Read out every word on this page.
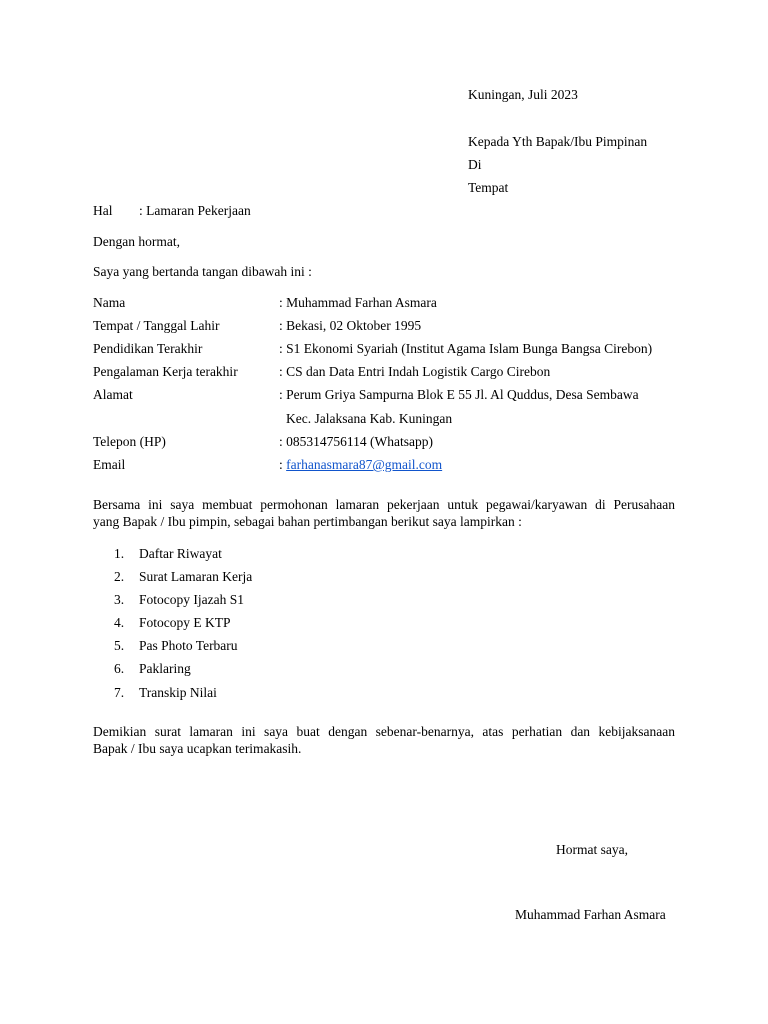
Kuningan, Juli 2023
Kepada Yth Bapak/Ibu Pimpinan
Di
Tempat
Hal : Lamaran Pekerjaan
Dengan hormat,
Saya yang bertanda tangan dibawah ini :
Nama	: Muhammad Farhan Asmara
Tempat / Tanggal Lahir	: Bekasi, 02 Oktober 1995
Pendidikan Terakhir	: S1 Ekonomi Syariah (Institut Agama Islam Bunga Bangsa Cirebon)
Pengalaman Kerja terakhir	: CS dan Data Entri Indah Logistik Cargo Cirebon
Alamat	: Perum Griya Sampurna Blok E 55 Jl. Al Quddus, Desa Sembawa
Kec. Jalaksana Kab. Kuningan
Telepon (HP)	: 085314756114 (Whatsapp)
Email	: farhanasmara87@gmail.com
Bersama ini saya membuat permohonan lamaran pekerjaan untuk pegawai/karyawan di Perusahaan
yang Bapak / Ibu pimpin, sebagai bahan pertimbangan berikut saya lampirkan :
1. Daftar Riwayat
2. Surat Lamaran Kerja
3. Fotocopy Ijazah S1
4. Fotocopy E KTP
5. Pas Photo Terbaru
6. Paklaring
7. Transkip Nilai
Demikian surat lamaran ini saya buat dengan sebenar-benarnya, atas perhatian dan kebijaksanaan
Bapak / Ibu saya ucapkan terimakasih.
Hormat saya,
Muhammad Farhan Asmara
